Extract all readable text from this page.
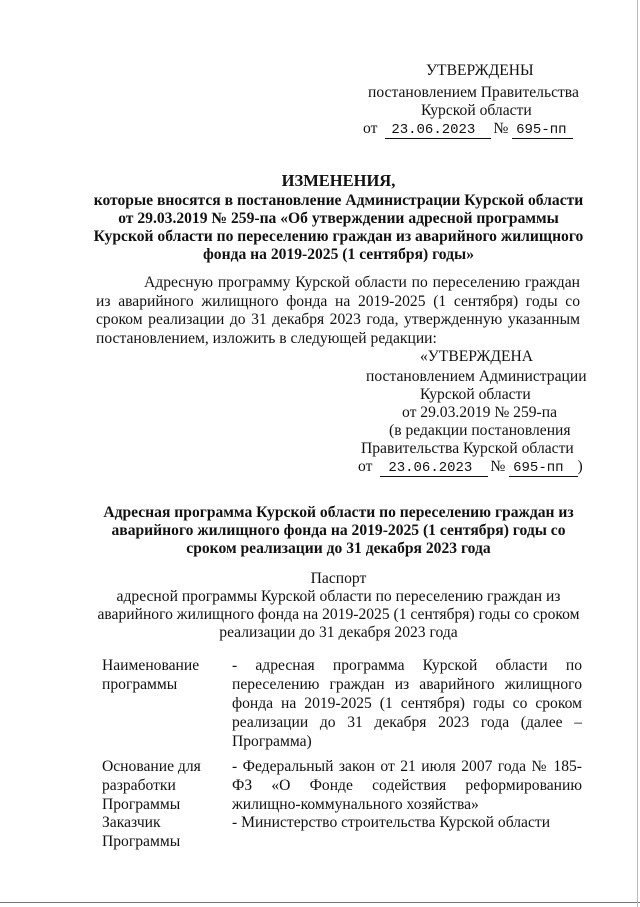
УТВЕРЖДЕНЫ
постановлением Правительства
Курской области
от 23.06.2023 № 695-пп
ИЗМЕНЕНИЯ,
которые вносятся в постановление Администрации Курской области
от 29.03.2019 № 259-па «Об утверждении адресной программы
Курской области по переселению граждан из аварийного жилищного
фонда на 2019-2025 (1 сентября) годы»
Адресную программу Курской области по переселению граждан из аварийного жилищного фонда на 2019-2025 (1 сентября) годы со сроком реализации до 31 декабря 2023 года, утвержденную указанным постановлением, изложить в следующей редакции:
«УТВЕРЖДЕНА
постановлением Администрации
Курской области
от 29.03.2019 № 259-па
(в редакции постановления
Правительства Курской области
от 23.06.2023 № 695-пп )
Адресная программа Курской области по переселению граждан из
аварийного жилищного фонда на 2019-2025 (1 сентября) годы со
сроком реализации до 31 декабря 2023 года
Паспорт
адресной программы Курской области по переселению граждан из
аварийного жилищного фонда на 2019-2025 (1 сентября) годы со сроком
реализации до 31 декабря 2023 года
Наименование программы
- адресная программа Курской области по переселению граждан из аварийного жилищного фонда на 2019-2025 (1 сентября) годы со сроком реализации до 31 декабря 2023 года (далее – Программа)
Основание для разработки Программы
- Федеральный закон от 21 июля 2007 года № 185-ФЗ «О Фонде содействия реформированию жилищно-коммунального хозяйства»
Заказчик Программы
- Министерство строительства Курской области
